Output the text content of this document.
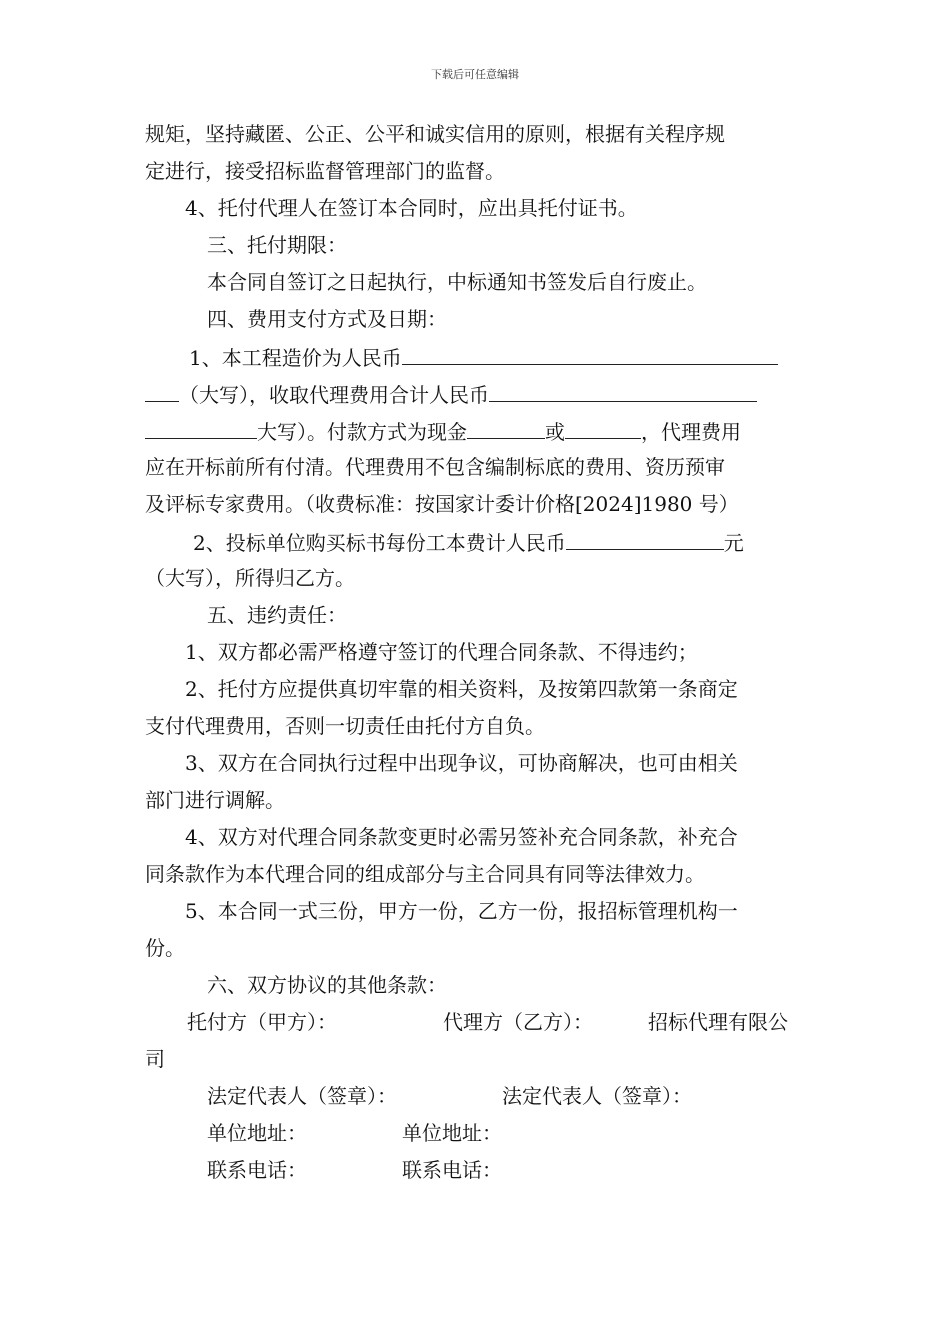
下载后可任意编辑
规矩，坚持藏匿、公正、公平和诚实信用的原则，根据有关程序规
定进行，接受招标监督管理部门的监督。
4、托付代理人在签订本合同时，应出具托付证书。
三、托付期限：
本合同自签订之日起执行，中标通知书签发后自行废止。
四、费用支付方式及日期：
1、本工程造价为人民币
（大写），收取代理费用合计人民币
大写）。付款方式为现金	或	，代理费用
应在开标前所有付清。代理费用不包含编制标底的费用、资历预审
及评标专家费用。（收费标准：按国家计委计价格[2024]1980 号）
2、投标单位购买标书每份工本费计人民币	元
（大写），所得归乙方。
五、违约责任：
1、双方都必需严格遵守签订的代理合同条款、不得违约；
2、托付方应提供真切牢靠的相关资料，及按第四款第一条商定
支付代理费用，否则一切责任由托付方自负。
3、双方在合同执行过程中出现争议，可协商解决，也可由相关
部门进行调解。
4、双方对代理合同条款变更时必需另签补充合同条款，补充合
同条款作为本代理合同的组成部分与主合同具有同等法律效力。
5、本合同一式三份，甲方一份，乙方一份，报招标管理机构一
份。
六、双方协议的其他条款：
托付方（甲方）：	代理方（乙方）：	招标代理有限公
司
法定代表人（签章）：	法定代表人（签章）：
单位地址：	单位地址：
联系电话：	联系电话：
